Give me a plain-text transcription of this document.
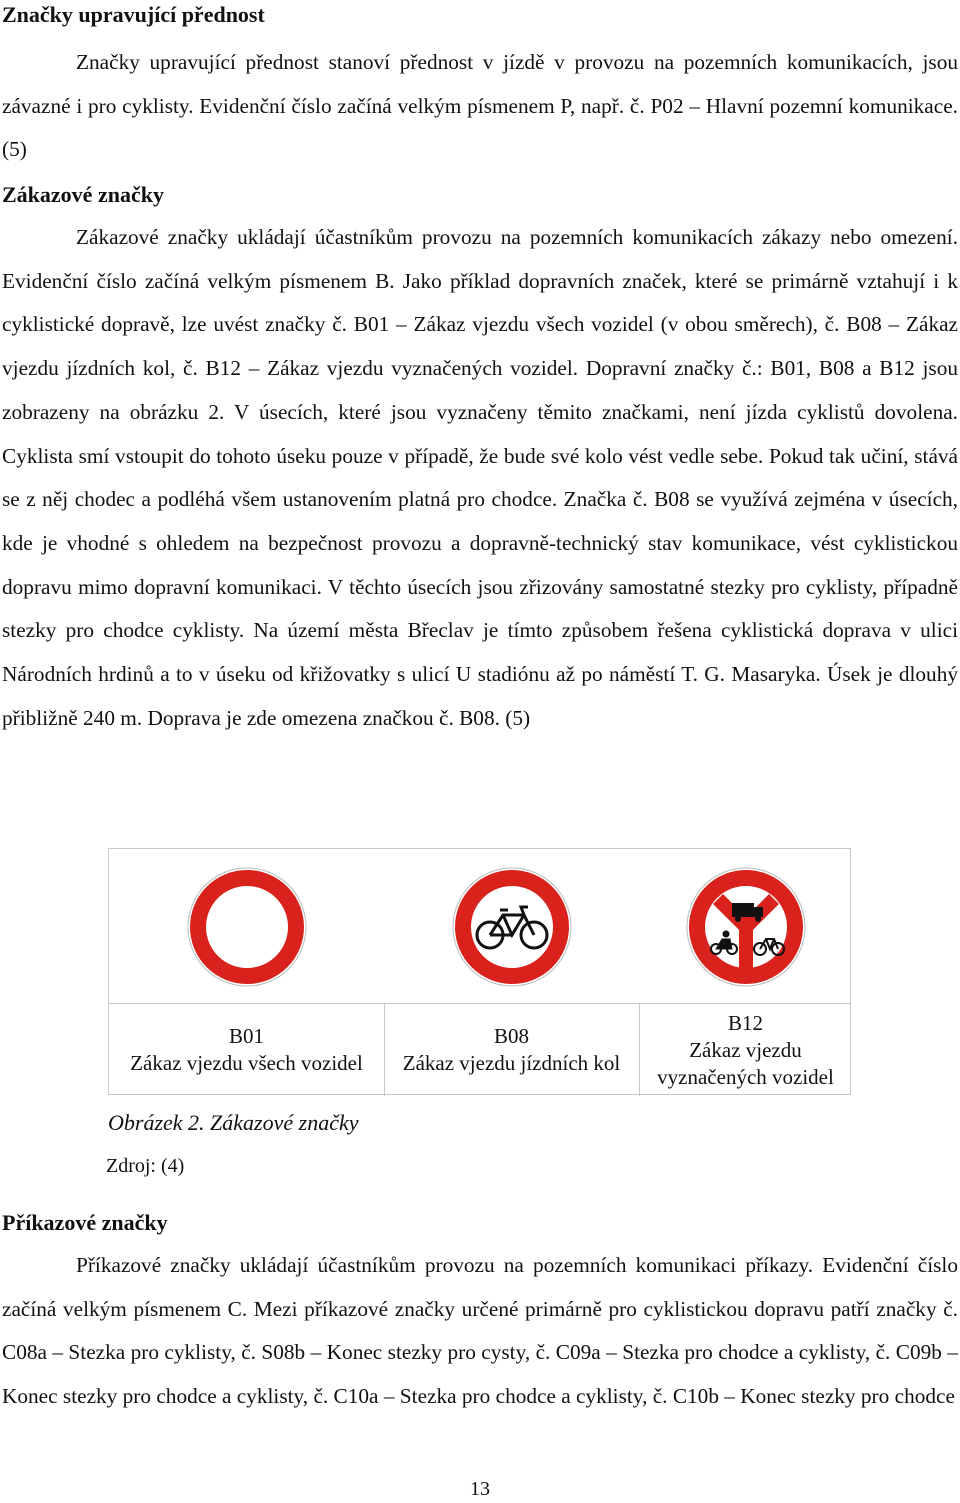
Značky upravující přednost

Značky upravující přednost stanoví přednost v jízdě v provozu na pozemních komunikacích, jsou závazné i pro cyklisty. Evidenční číslo začíná velkým písmenem P, např. č. P02 – Hlavní pozemní komunikace. (5)

Zákazové značky

Zákazové značky ukládají účastníkům provozu na pozemních komunikacích zákazy nebo omezení. Evidenční číslo začíná velkým písmenem B. Jako příklad dopravních značek, které se primárně vztahují i k cyklistické dopravě, lze uvést značky č. B01 – Zákaz vjezdu všech vozidel (v obou směrech), č. B08 – Zákaz vjezdu jízdních kol, č. B12 – Zákaz vjezdu vyznačených vozidel. Dopravní značky č.: B01, B08 a B12 jsou zobrazeny na obrázku 2. V úsecích, které jsou vyznačeny těmito značkami, není jízda cyklistů dovolena. Cyklista smí vstoupit do tohoto úseku pouze v případě, že bude své kolo vést vedle sebe. Pokud tak učiní, stává se z něj chodec a podléhá všem ustanovením platná pro chodce. Značka č. B08 se využívá zejména v úsecích, kde je vhodné s ohledem na bezpečnost provozu a dopravně-technický stav komunikace, vést cyklistickou dopravu mimo dopravní komunikaci. V těchto úsecích jsou zřizovány samostatné stezky pro cyklisty, případně stezky pro chodce cyklisty. Na území města Břeclav je tímto způsobem řešena cyklistická doprava v ulici Národních hrdinů a to v úseku od křižovatky s ulicí U stadiónu až po náměstí T. G. Masaryka. Úsek je dlouhý přibližně 240 m. Doprava je zde omezena značkou č. B08. (5)

B01
Zákaz vjezdu všech vozidel
B08
Zákaz vjezdu jízdních kol
B12
Zákaz vjezdu
vyznačených vozidel
Obrázek 2. Zákazové značky
Zdroj: (4)
Příkazové značky

Příkazové značky ukládají účastníkům provozu na pozemních komunikaci příkazy. Evidenční číslo začíná velkým písmenem C. Mezi příkazové značky určené primárně pro cyklistickou dopravu patří značky č. C08a – Stezka pro cyklisty, č. S08b – Konec stezky pro cysty, č. C09a – Stezka pro chodce a cyklisty, č. C09b – Konec stezky pro chodce a cyklisty, č. C10a – Stezka pro chodce a cyklisty, č. C10b – Konec stezky pro chodce

13
